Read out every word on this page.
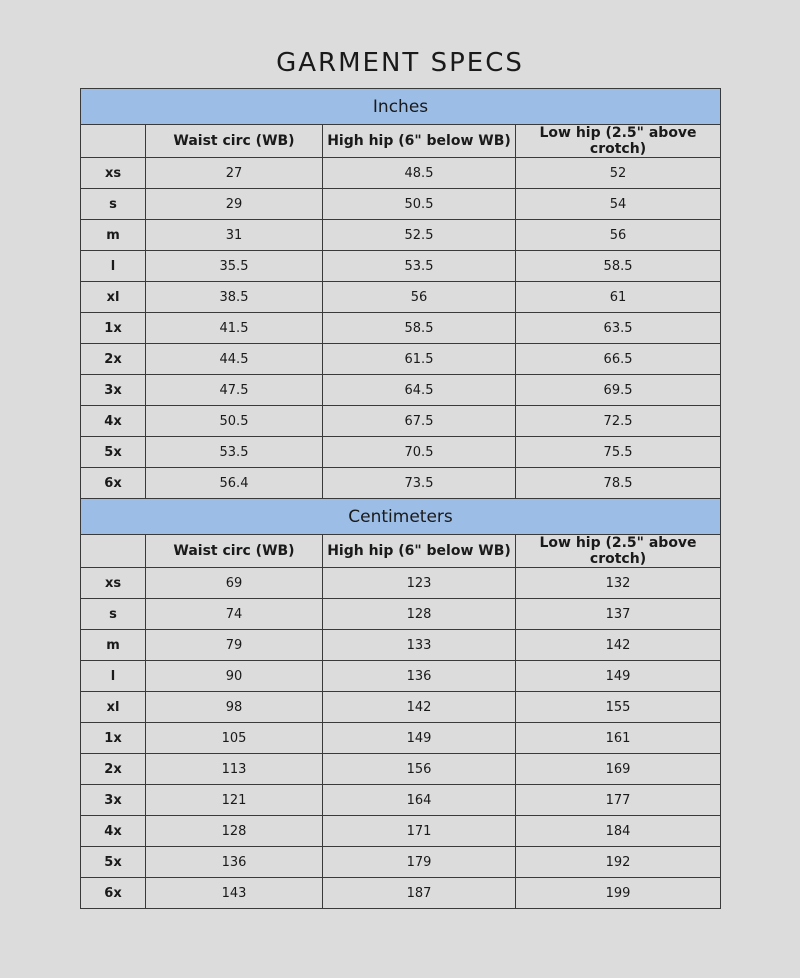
GARMENT SPECS
Inches			
	Waist circ (WB)	High hip (6" below WB)	Low hip (2.5" above crotch)
xs	27	48.5	52
s	29	50.5	54
m	31	52.5	56
l	35.5	53.5	58.5
xl	38.5	56	61
1x	41.5	58.5	63.5
2x	44.5	61.5	66.5
3x	47.5	64.5	69.5
4x	50.5	67.5	72.5
5x	53.5	70.5	75.5
6x	56.4	73.5	78.5
Centimeters			
	Waist circ (WB)	High hip (6" below WB)	Low hip (2.5" above crotch)
xs	69	123	132
s	74	128	137
m	79	133	142
l	90	136	149
xl	98	142	155
1x	105	149	161
2x	113	156	169
3x	121	164	177
4x	128	171	184
5x	136	179	192
6x	143	187	199
